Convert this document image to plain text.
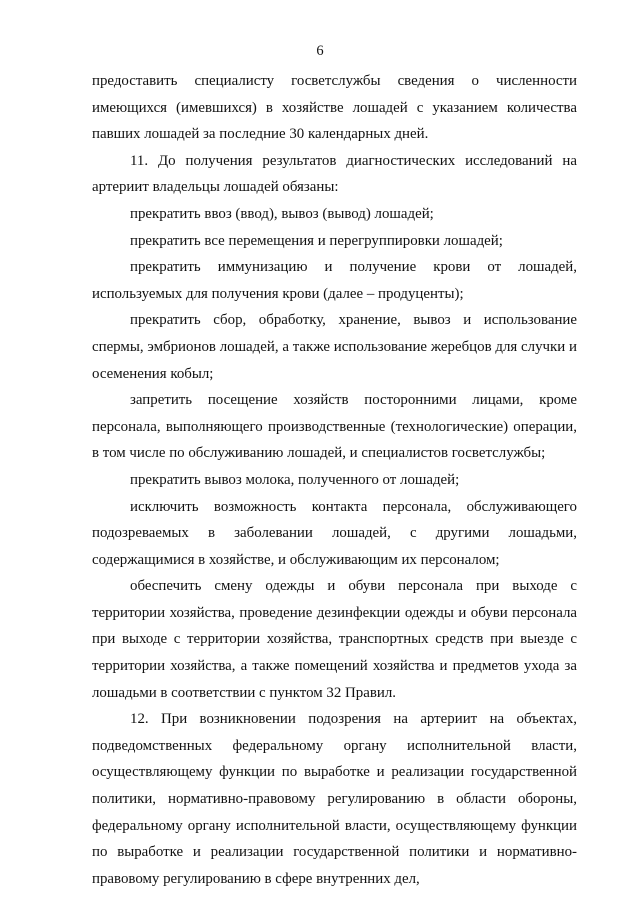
6

предоставить специалисту госветслужбы сведения о численности имеющихся (имевшихся) в хозяйстве лошадей с указанием количества павших лошадей за последние 30 календарных дней.

11. До получения результатов диагностических исследований на артериит владельцы лошадей обязаны:

прекратить ввоз (ввод), вывоз (вывод) лошадей;

прекратить все перемещения и перегруппировки лошадей;

прекратить иммунизацию и получение крови от лошадей, используемых для получения крови (далее – продуценты);

прекратить сбор, обработку, хранение, вывоз и использование спермы, эмбрионов лошадей, а также использование жеребцов для случки и осеменения кобыл;

запретить посещение хозяйств посторонними лицами, кроме персонала, выполняющего производственные (технологические) операции, в том числе по обслуживанию лошадей, и специалистов госветслужбы;

прекратить вывоз молока, полученного от лошадей;

исключить возможность контакта персонала, обслуживающего подозреваемых в заболевании лошадей, с другими лошадьми, содержащимися в хозяйстве, и обслуживающим их персоналом;

обеспечить смену одежды и обуви персонала при выходе с территории хозяйства, проведение дезинфекции одежды и обуви персонала при выходе с территории хозяйства, транспортных средств при выезде с территории хозяйства, а также помещений хозяйства и предметов ухода за лошадьми в соответствии с пунктом 32 Правил.

12. При возникновении подозрения на артериит на объектах, подведомственных федеральному органу исполнительной власти, осуществляющему функции по выработке и реализации государственной политики, нормативно-правовому регулированию в области обороны, федеральному органу исполнительной власти, осуществляющему функции по выработке и реализации государственной политики и нормативно-правовому регулированию в сфере внутренних дел,
